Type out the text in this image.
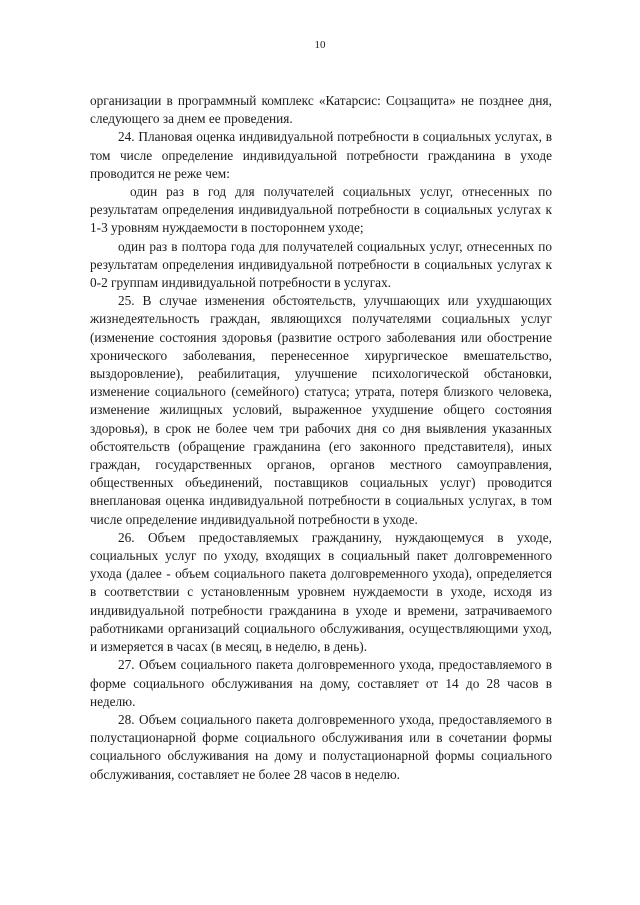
10

организации в программный комплекс «Катарсис: Соцзащита» не позднее дня, следующего за днем ее проведения.

24. Плановая оценка индивидуальной потребности в социальных услугах, в том числе определение индивидуальной потребности гражданина в уходе проводится не реже чем:

один раз в год для получателей социальных услуг, отнесенных по результатам определения индивидуальной потребности в социальных услугах к 1-3 уровням нуждаемости в постороннем уходе;

один раз в полтора года для получателей социальных услуг, отнесенных по результатам определения индивидуальной потребности в социальных услугах к 0-2 группам индивидуальной потребности в услугах.

25. В случае изменения обстоятельств, улучшающих или ухудшающих жизнедеятельность граждан, являющихся получателями социальных услуг (изменение состояния здоровья (развитие острого заболевания или обострение хронического заболевания, перенесенное хирургическое вмешательство, выздоровление), реабилитация, улучшение психологической обстановки, изменение социального (семейного) статуса; утрата, потеря близкого человека, изменение жилищных условий, выраженное ухудшение общего состояния здоровья), в срок не более чем три рабочих дня со дня выявления указанных обстоятельств (обращение гражданина (его законного представителя), иных граждан, государственных органов, органов местного самоуправления, общественных объединений, поставщиков социальных услуг) проводится внеплановая оценка индивидуальной потребности в социальных услугах, в том числе определение индивидуальной потребности в уходе.

26. Объем предоставляемых гражданину, нуждающемуся в уходе, социальных услуг по уходу, входящих в социальный пакет долговременного ухода (далее - объем социального пакета долговременного ухода), определяется в соответствии с установленным уровнем нуждаемости в уходе, исходя из индивидуальной потребности гражданина в уходе и времени, затрачиваемого работниками организаций социального обслуживания, осуществляющими уход, и измеряется в часах (в месяц, в неделю, в день).

27. Объем социального пакета долговременного ухода, предоставляемого в форме социального обслуживания на дому, составляет от 14 до 28 часов в неделю.

28. Объем социального пакета долговременного ухода, предоставляемого в полустационарной форме социального обслуживания или в сочетании формы социального обслуживания на дому и полустационарной формы социального обслуживания, составляет не более 28 часов в неделю.
